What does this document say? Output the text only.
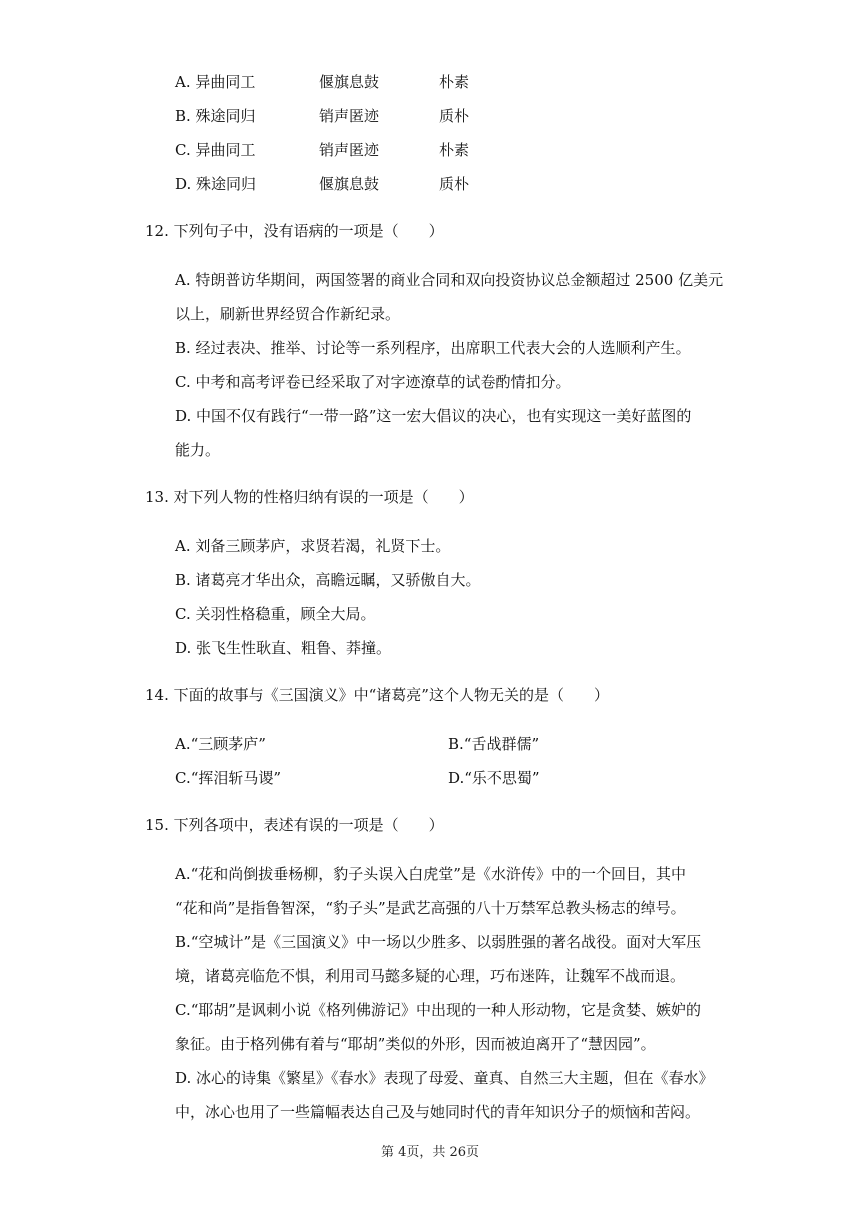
A. 异曲同工	偃旗息鼓	朴素
B. 殊途同归	销声匿迹	质朴
C. 异曲同工	销声匿迹	朴素
D. 殊途同归	偃旗息鼓	质朴
12. 下列句子中，没有语病的一项是（　　）
A. 特朗普访华期间，两国签署的商业合同和双向投资协议总金额超过 2500 亿美元
以上，刷新世界经贸合作新纪录。
B. 经过表决、推举、讨论等一系列程序，出席职工代表大会的人选顺利产生。
C. 中考和高考评卷已经采取了对字迹潦草的试卷酌情扣分。
D. 中国不仅有践行“一带一路”这一宏大倡议的决心，也有实现这一美好蓝图的
能力。
13. 对下列人物的性格归纳有误的一项是（　　）
A. 刘备三顾茅庐，求贤若渴，礼贤下士。
B. 诸葛亮才华出众，高瞻远瞩，又骄傲自大。
C. 关羽性格稳重，顾全大局。
D. 张飞生性耿直、粗鲁、莽撞。
14. 下面的故事与《三国演义》中“诸葛亮”这个人物无关的是（　　）
A.“三顾茅庐”	B.“舌战群儒”
C.“挥泪斩马谡”	D.“乐不思蜀”
15. 下列各项中，表述有误的一项是（　　）
A.“花和尚倒拔垂杨柳，豹子头误入白虎堂”是《水浒传》中的一个回目，其中
“花和尚”是指鲁智深，“豹子头”是武艺高强的八十万禁军总教头杨志的绰号。
B.“空城计”是《三国演义》中一场以少胜多、以弱胜强的著名战役。面对大军压
境，诸葛亮临危不惧，利用司马懿多疑的心理，巧布迷阵，让魏军不战而退。
C.“耶胡”是讽刺小说《格列佛游记》中出现的一种人形动物，它是贪婪、嫉妒的
象征。由于格列佛有着与“耶胡”类似的外形，因而被迫离开了“慧因园”。
D. 冰心的诗集《繁星》《春水》表现了母爱、童真、自然三大主题，但在《春水》
中，冰心也用了一些篇幅表达自己及与她同时代的青年知识分子的烦恼和苦闷。
第 4页，共 26页
